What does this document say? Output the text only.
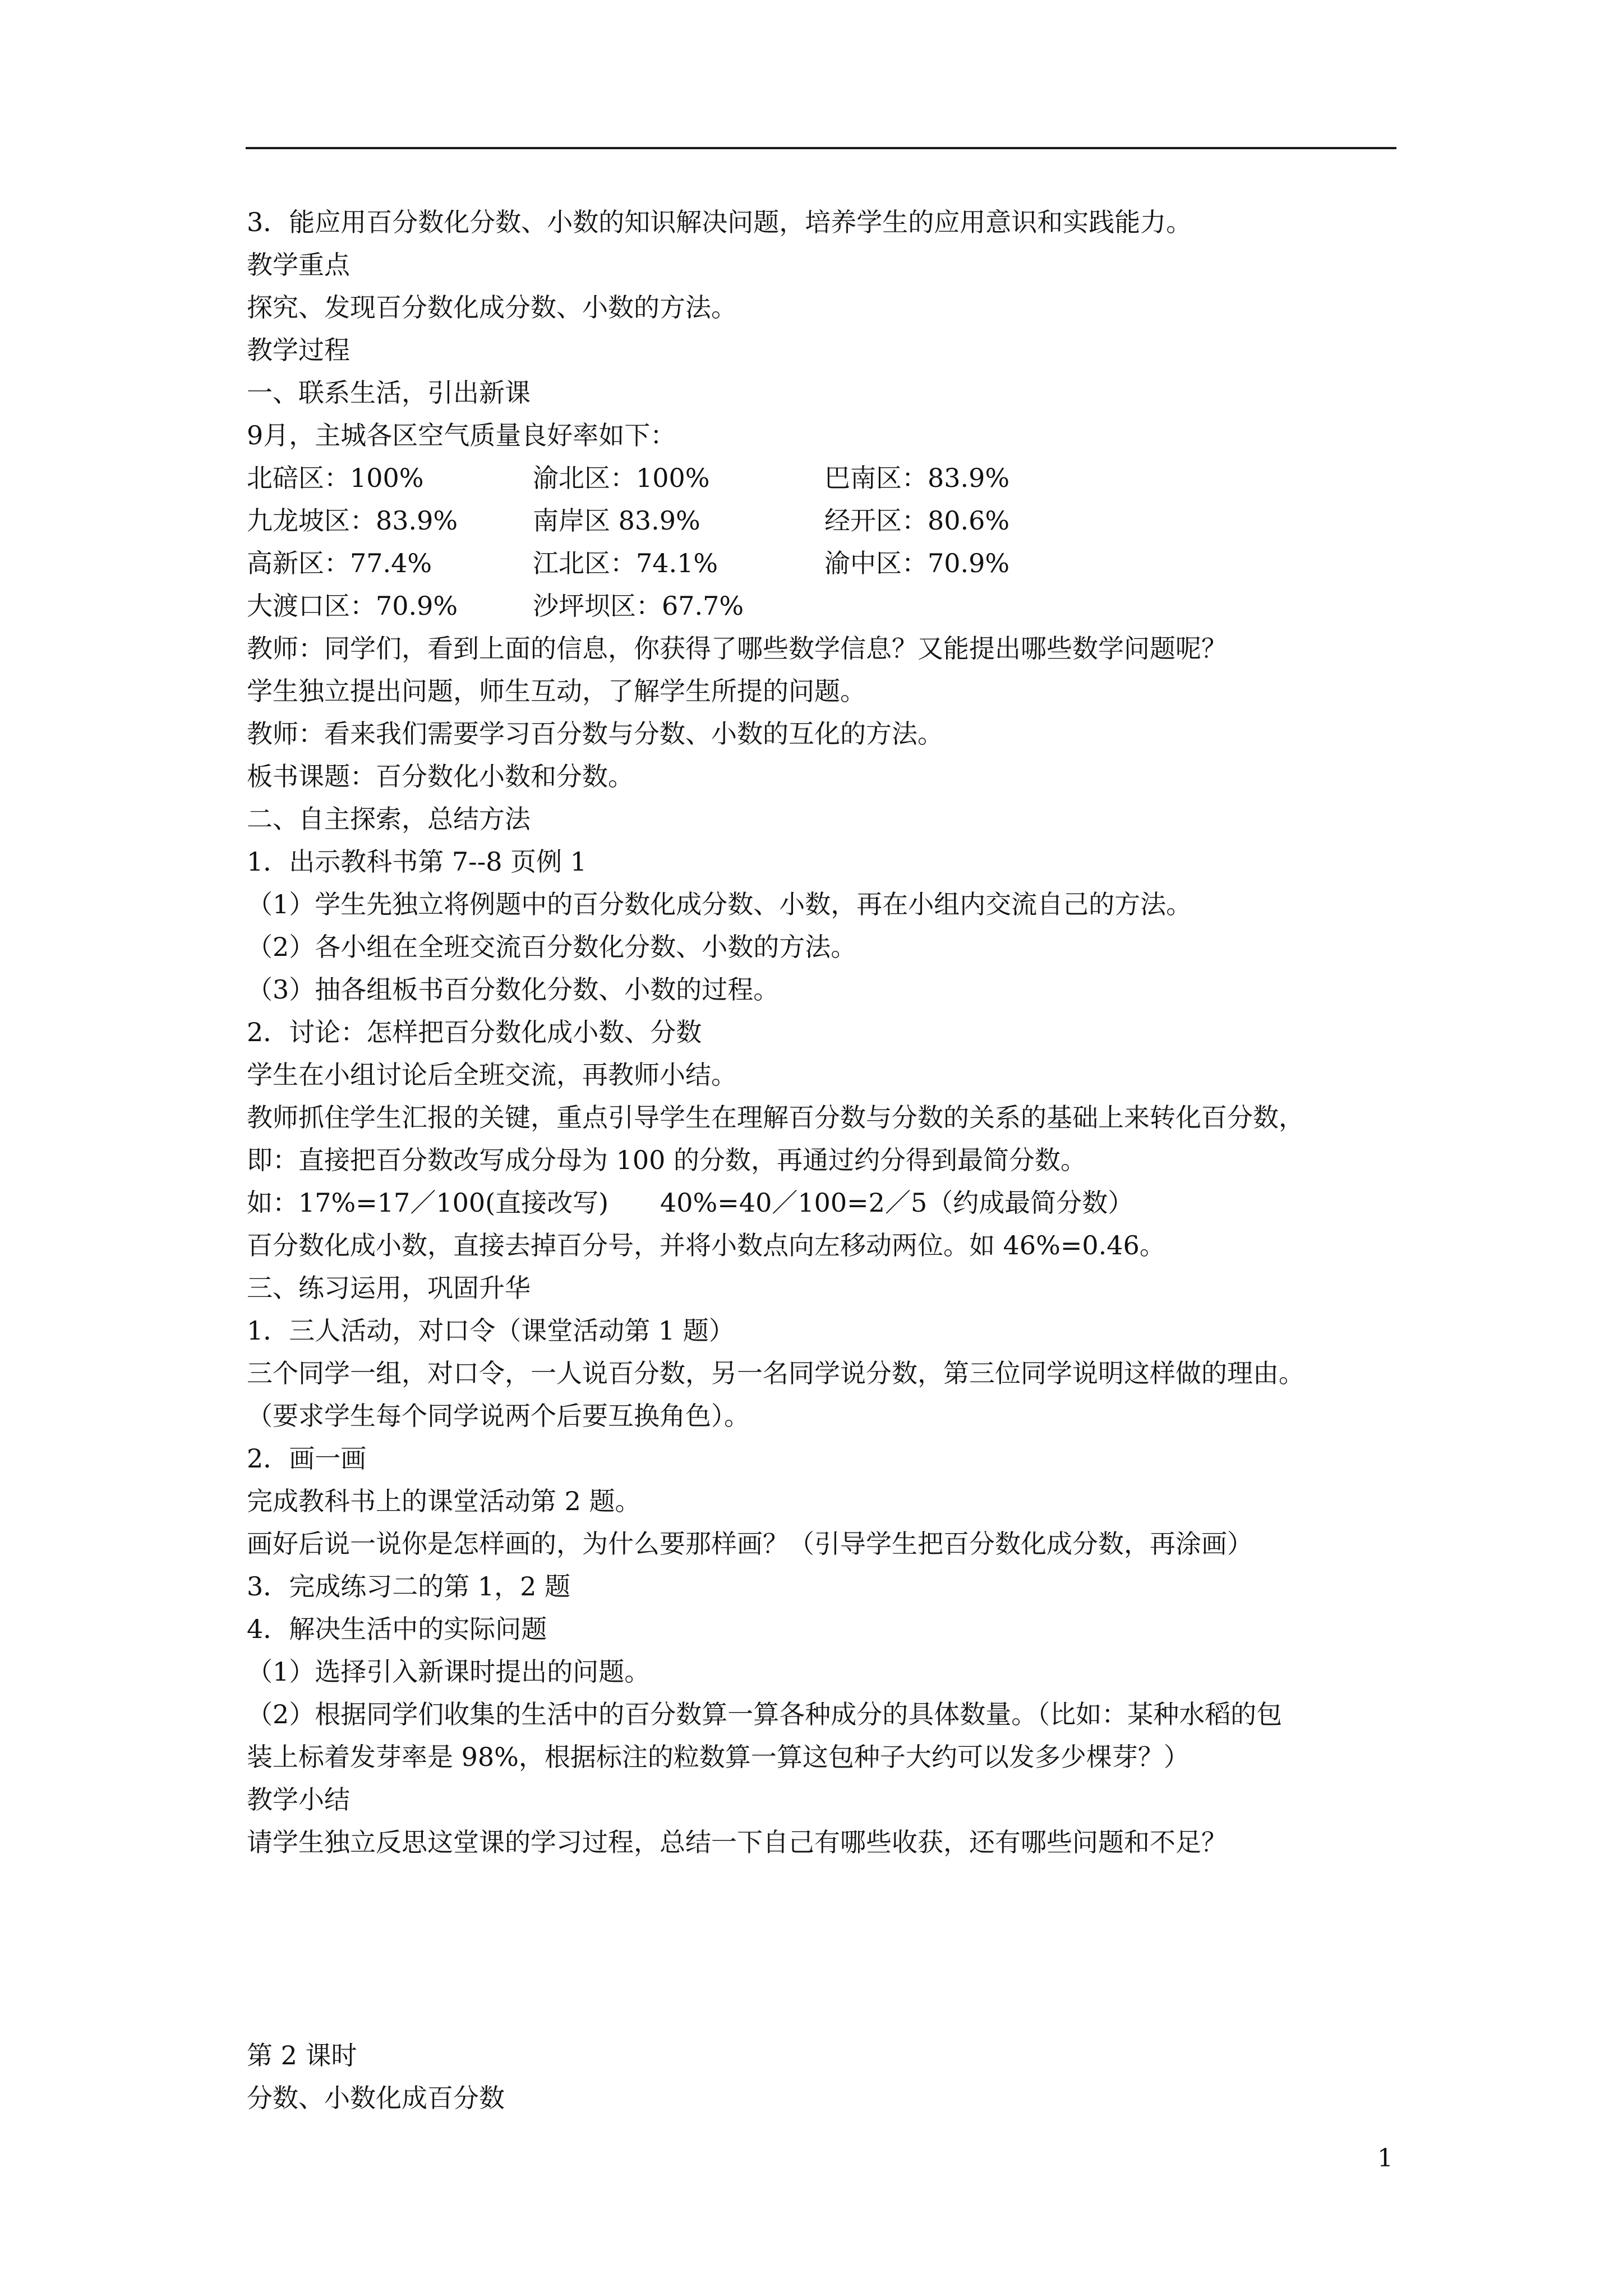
3．能应用百分数化分数、小数的知识解决问题，培养学生的应用意识和实践能力。
教学重点
探究、发现百分数化成分数、小数的方法。
教学过程
一、联系生活，引出新课
9月，主城各区空气质量良好率如下：
北碚区：100%	渝北区：100%	巴南区：83.9%
九龙坡区：83.9%	南岸区 83.9%	经开区：80.6%
高新区：77.4%	江北区：74.1%	渝中区：70.9%
大渡口区：70.9%	沙坪坝区：67.7%
教师：同学们，看到上面的信息，你获得了哪些数学信息？又能提出哪些数学问题呢？
学生独立提出问题，师生互动，了解学生所提的问题。
教师：看来我们需要学习百分数与分数、小数的互化的方法。
板书课题：百分数化小数和分数。
二、自主探索，总结方法
1．出示教科书第 7--8 页例 1
（1）学生先独立将例题中的百分数化成分数、小数，再在小组内交流自己的方法。
（2）各小组在全班交流百分数化分数、小数的方法。
（3）抽各组板书百分数化分数、小数的过程。
2．讨论：怎样把百分数化成小数、分数
学生在小组讨论后全班交流，再教师小结。
教师抓住学生汇报的关键，重点引导学生在理解百分数与分数的关系的基础上来转化百分数，
即：直接把百分数改写成分母为 100 的分数，再通过约分得到最简分数。
如：17%=17／100(直接改写)　　40%=40／100=2／5（约成最简分数）
百分数化成小数，直接去掉百分号，并将小数点向左移动两位。如 46%=0.46。
三、练习运用，巩固升华
1．三人活动，对口令（课堂活动第 1 题）
三个同学一组，对口令，一人说百分数，另一名同学说分数，第三位同学说明这样做的理由。
（要求学生每个同学说两个后要互换角色）。
2．画一画
完成教科书上的课堂活动第 2 题。
画好后说一说你是怎样画的，为什么要那样画？（引导学生把百分数化成分数，再涂画）
3．完成练习二的第 1，2 题
4．解决生活中的实际问题
（1）选择引入新课时提出的问题。
（2）根据同学们收集的生活中的百分数算一算各种成分的具体数量。（比如：某种水稻的包
装上标着发芽率是 98%，根据标注的粒数算一算这包种子大约可以发多少棵芽？）
教学小结
请学生独立反思这堂课的学习过程，总结一下自己有哪些收获，还有哪些问题和不足？
第 2 课时
分数、小数化成百分数
1
